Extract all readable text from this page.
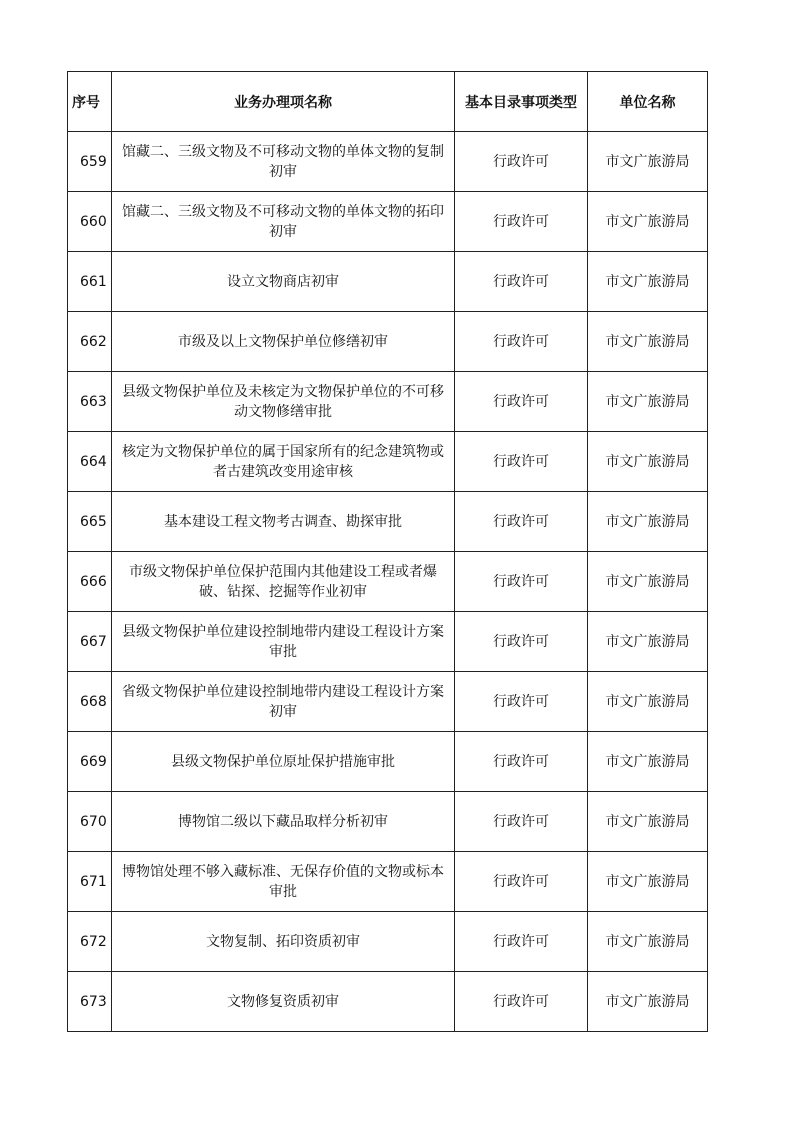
序号	业务办理项名称	基本目录事项类型	单位名称
659	馆藏二、三级文物及不可移动文物的单体文物的复制初审	行政许可	市文广旅游局
660	馆藏二、三级文物及不可移动文物的单体文物的拓印初审	行政许可	市文广旅游局
661	设立文物商店初审	行政许可	市文广旅游局
662	市级及以上文物保护单位修缮初审	行政许可	市文广旅游局
663	县级文物保护单位及未核定为文物保护单位的不可移动文物修缮审批	行政许可	市文广旅游局
664	核定为文物保护单位的属于国家所有的纪念建筑物或者古建筑改变用途审核	行政许可	市文广旅游局
665	基本建设工程文物考古调查、勘探审批	行政许可	市文广旅游局
666	市级文物保护单位保护范围内其他建设工程或者爆破、钻探、挖掘等作业初审	行政许可	市文广旅游局
667	县级文物保护单位建设控制地带内建设工程设计方案审批	行政许可	市文广旅游局
668	省级文物保护单位建设控制地带内建设工程设计方案初审	行政许可	市文广旅游局
669	县级文物保护单位原址保护措施审批	行政许可	市文广旅游局
670	博物馆二级以下藏品取样分析初审	行政许可	市文广旅游局
671	博物馆处理不够入藏标准、无保存价值的文物或标本审批	行政许可	市文广旅游局
672	文物复制、拓印资质初审	行政许可	市文广旅游局
673	文物修复资质初审	行政许可	市文广旅游局
